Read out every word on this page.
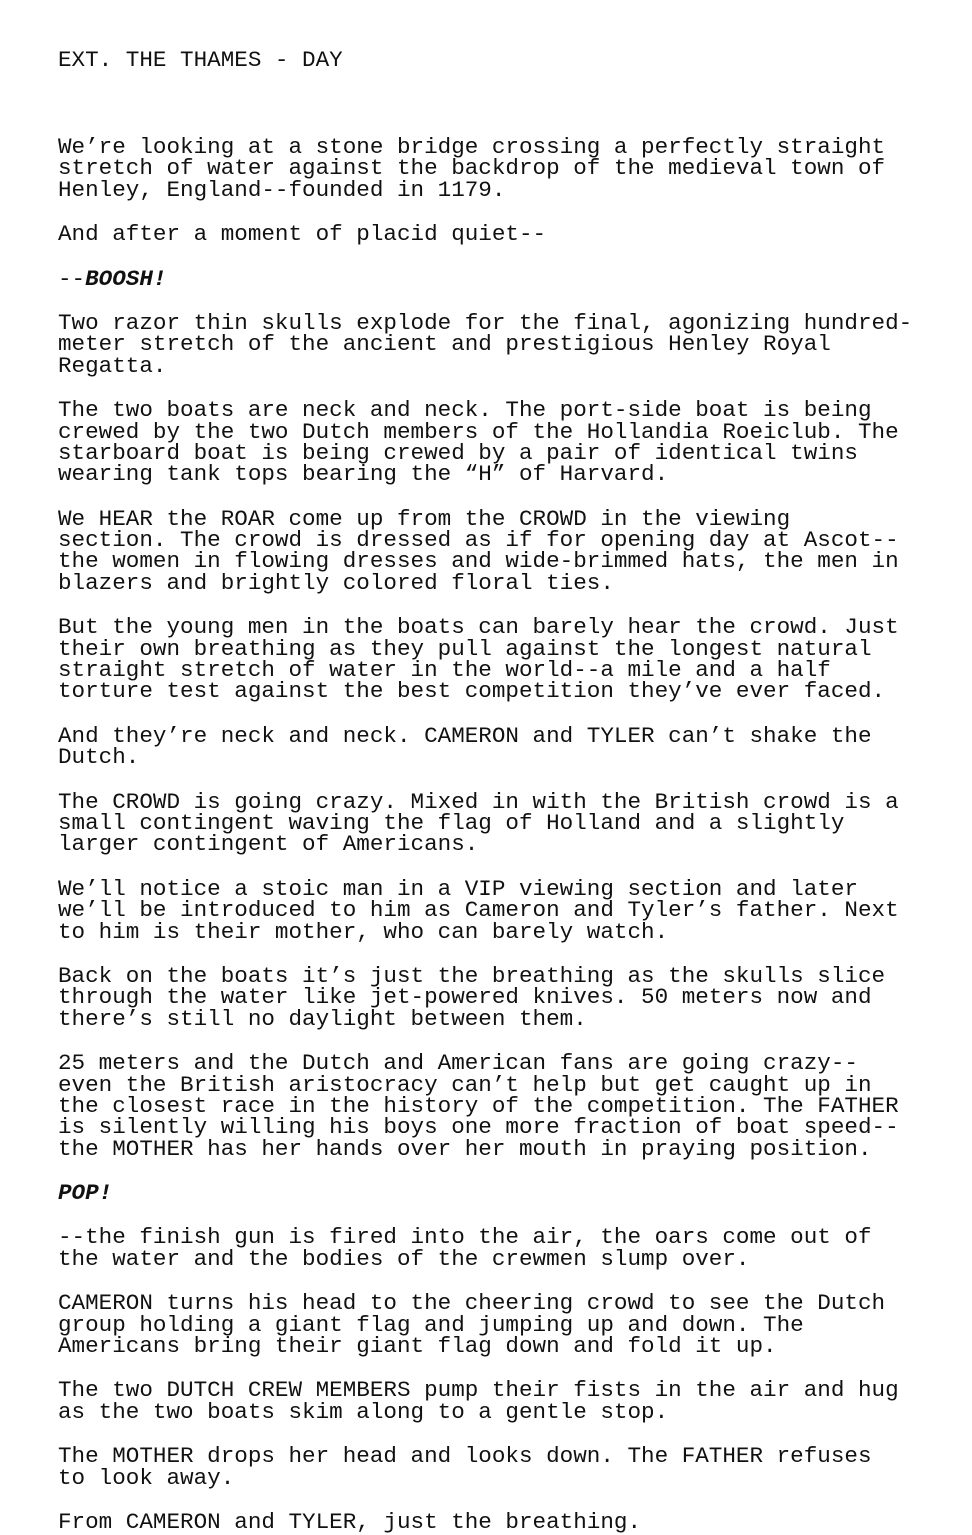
EXT. THE THAMES - DAY

We’re looking at a stone bridge crossing a perfectly straight
stretch of water against the backdrop of the medieval town of
Henley, England--founded in 1179.
And after a moment of placid quiet--
--BOOSH!
Two razor thin skulls explode for the final, agonizing hundred-
meter stretch of the ancient and prestigious Henley Royal
Regatta.
The two boats are neck and neck. The port-side boat is being
crewed by the two Dutch members of the Hollandia Roeiclub. The
starboard boat is being crewed by a pair of identical twins
wearing tank tops bearing the “H” of Harvard.
We HEAR the ROAR come up from the CROWD in the viewing
section. The crowd is dressed as if for opening day at Ascot--
the women in flowing dresses and wide-brimmed hats, the men in
blazers and brightly colored floral ties.
But the young men in the boats can barely hear the crowd. Just
their own breathing as they pull against the longest natural
straight stretch of water in the world--a mile and a half
torture test against the best competition they’ve ever faced.
And they’re neck and neck. CAMERON and TYLER can’t shake the
Dutch.
The CROWD is going crazy. Mixed in with the British crowd is a
small contingent waving the flag of Holland and a slightly
larger contingent of Americans.
We’ll notice a stoic man in a VIP viewing section and later
we’ll be introduced to him as Cameron and Tyler’s father. Next
to him is their mother, who can barely watch.
Back on the boats it’s just the breathing as the skulls slice
through the water like jet-powered knives. 50 meters now and
there’s still no daylight between them.
25 meters and the Dutch and American fans are going crazy--
even the British aristocracy can’t help but get caught up in
the closest race in the history of the competition. The FATHER
is silently willing his boys one more fraction of boat speed--
the MOTHER has her hands over her mouth in praying position.
POP!
--the finish gun is fired into the air, the oars come out of
the water and the bodies of the crewmen slump over.
CAMERON turns his head to the cheering crowd to see the Dutch
group holding a giant flag and jumping up and down. The
Americans bring their giant flag down and fold it up.
The two DUTCH CREW MEMBERS pump their fists in the air and hug
as the two boats skim along to a gentle stop.
The MOTHER drops her head and looks down. The FATHER refuses
to look away.
From CAMERON and TYLER, just the breathing.
